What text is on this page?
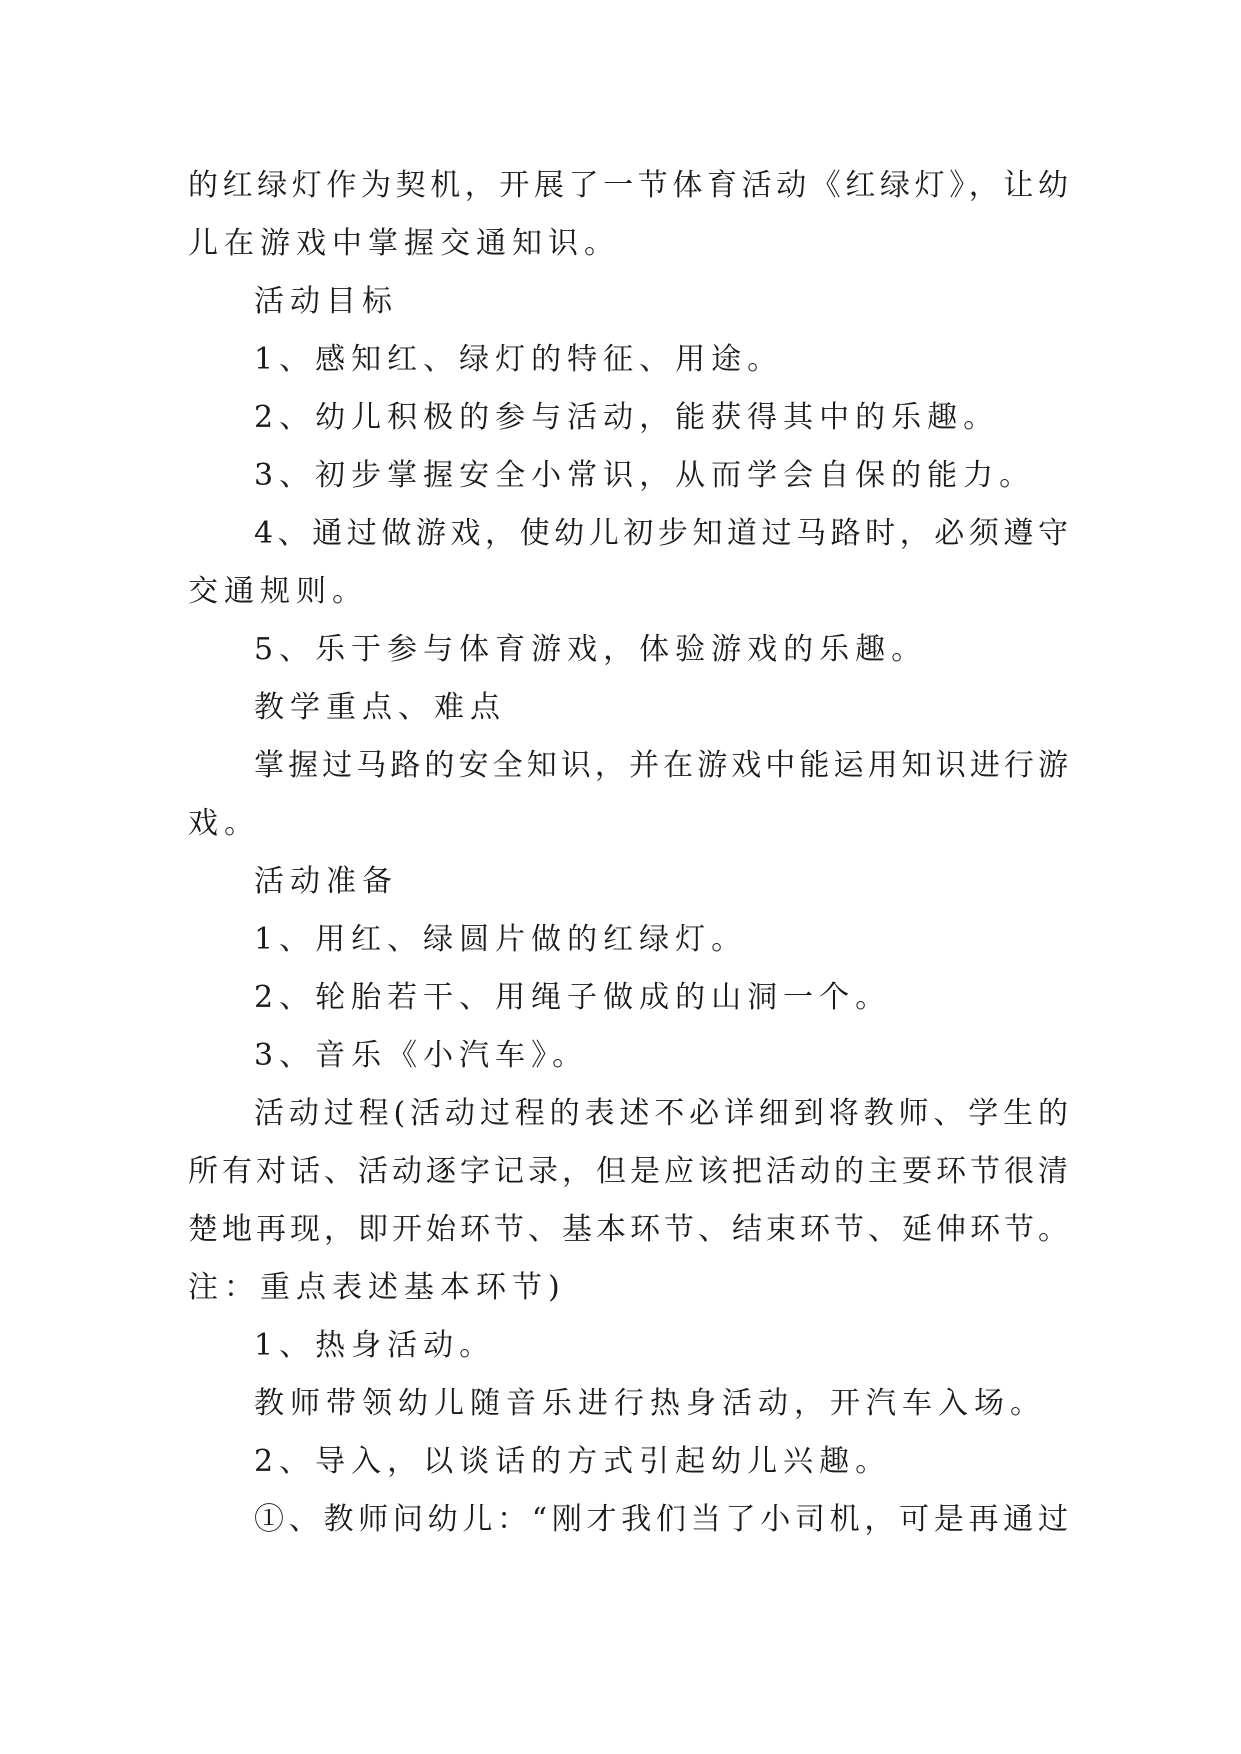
的红绿灯作为契机，开展了一节体育活动《红绿灯》，让幼
儿在游戏中掌握交通知识。
活动目标
1、感知红、绿灯的特征、用途。
2、幼儿积极的参与活动，能获得其中的乐趣。
3、初步掌握安全小常识，从而学会自保的能力。
4、通过做游戏，使幼儿初步知道过马路时，必须遵守
交通规则。
5、乐于参与体育游戏，体验游戏的乐趣。
教学重点、难点
掌握过马路的安全知识，并在游戏中能运用知识进行游
戏。
活动准备
1、用红、绿圆片做的红绿灯。
2、轮胎若干、用绳子做成的山洞一个。
3、音乐《小汽车》。
活动过程(活动过程的表述不必详细到将教师、学生的
所有对话、活动逐字记录，但是应该把活动的主要环节很清
楚地再现，即开始环节、基本环节、结束环节、延伸环节。
注：重点表述基本环节)
1、热身活动。
教师带领幼儿随音乐进行热身活动，开汽车入场。
2、导入，以谈话的方式引起幼儿兴趣。
①、教师问幼儿：“刚才我们当了小司机，可是再通过
